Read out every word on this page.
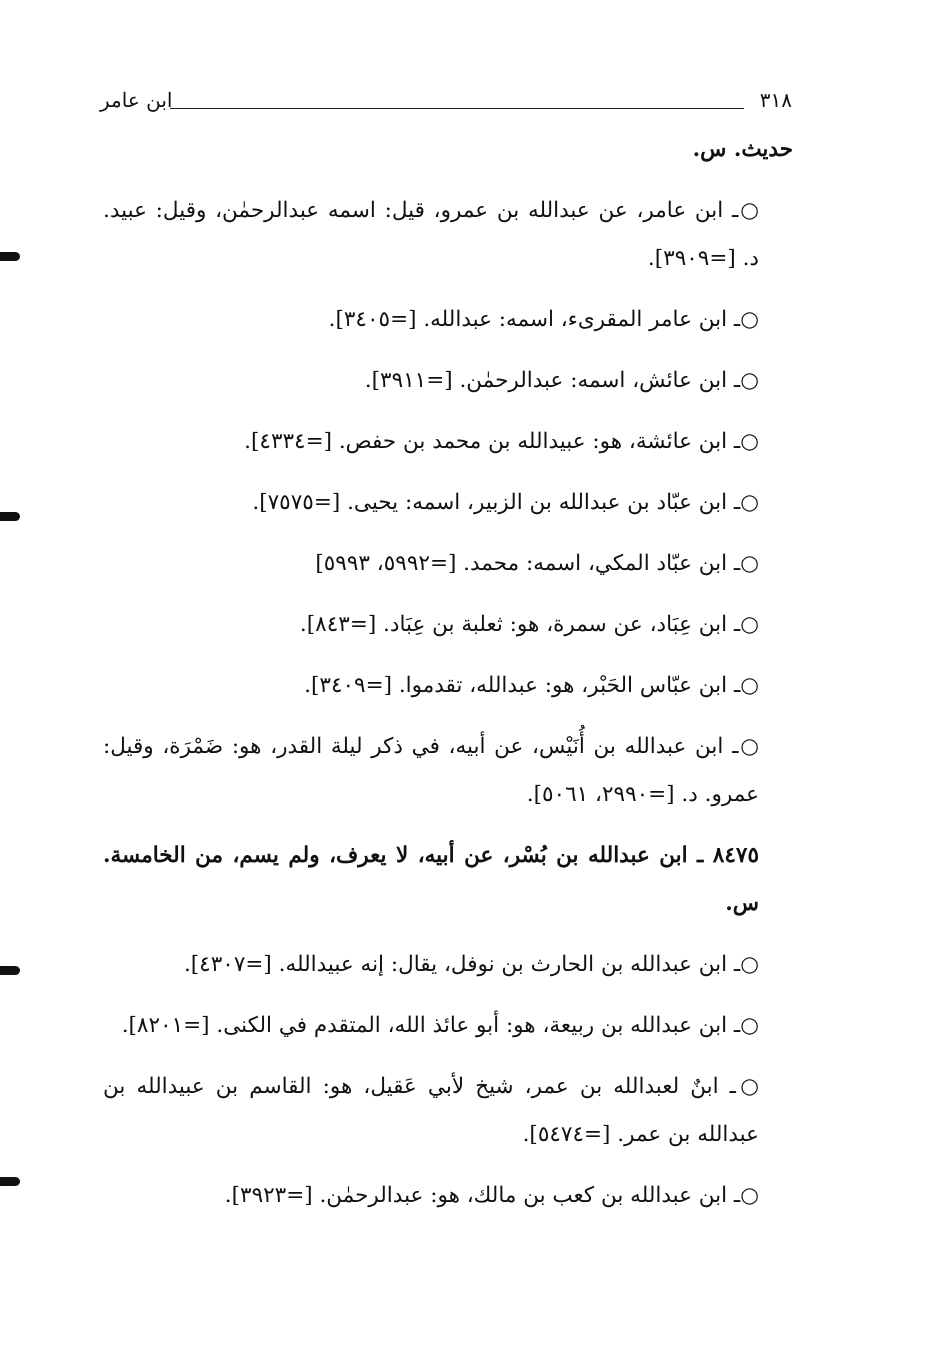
٣١٨
ابن عامر

حديث. س.

○ـ ابن عامر، عن عبدالله بن عمرو، قيل: اسمه عبدالرحمٰن، وقيل: عبيد. د. [=٣٩٠٩].

○ـ ابن عامر المقرىء، اسمه: عبدالله. [=٣٤٠٥].

○ـ ابن عائش، اسمه: عبدالرحمٰن. [=٣٩١١].

○ـ ابن عائشة، هو: عبيدالله بن محمد بن حفص. [=٤٣٣٤].

○ـ ابن عبّاد بن عبدالله بن الزبير، اسمه: يحيى. [=٧٥٧٥].

○ـ ابن عبّاد المكي، اسمه: محمد. [=٥٩٩٢، ٥٩٩٣]

○ـ ابن عِبَاد، عن سمرة، هو: ثعلبة بن عِبَاد. [=٨٤٣].

○ـ ابن عبّاس الحَبْر، هو: عبدالله، تقدموا. [=٣٤٠٩].

○ـ ابن عبدالله بن أُنَيْس، عن أبيه، في ذكر ليلة القدر، هو: ضَمْرَة، وقيل: عمرو. د. [=٢٩٩٠، ٥٠٦١].

٨٤٧٥ ـ ابن عبدالله بن بُسْر، عن أبيه، لا يعرف، ولم يسم، من الخامسة. س.

○ـ ابن عبدالله بن الحارث بن نوفل، يقال: إنه عبيدالله. [=٤٣٠٧].

○ـ ابن عبدالله بن ربيعة، هو: أبو عائذ الله، المتقدم في الكنى. [=٨٢٠١].

○ـ ابنٌ لعبدالله بن عمر، شيخ لأبي عَقيل، هو: القاسم بن عبيدالله بن عبدالله بن عمر. [=٥٤٧٤].

○ـ ابن عبدالله بن كعب بن مالك، هو: عبدالرحمٰن. [=٣٩٢٣].
